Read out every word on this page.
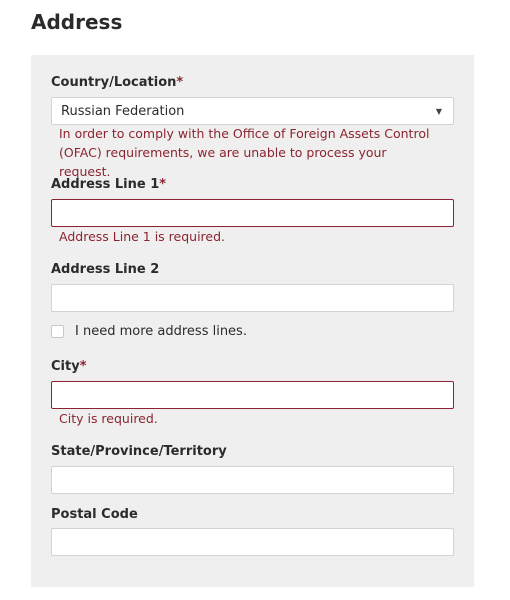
Address
Country/Location*
Russian Federation	▼
In order to comply with the Office of Foreign Assets Control (OFAC) requirements, we are unable to process your request.
Address Line 1*
Address Line 1 is required.
Address Line 2
I need more address lines.
City*
City is required.
State/Province/Territory
Postal Code
